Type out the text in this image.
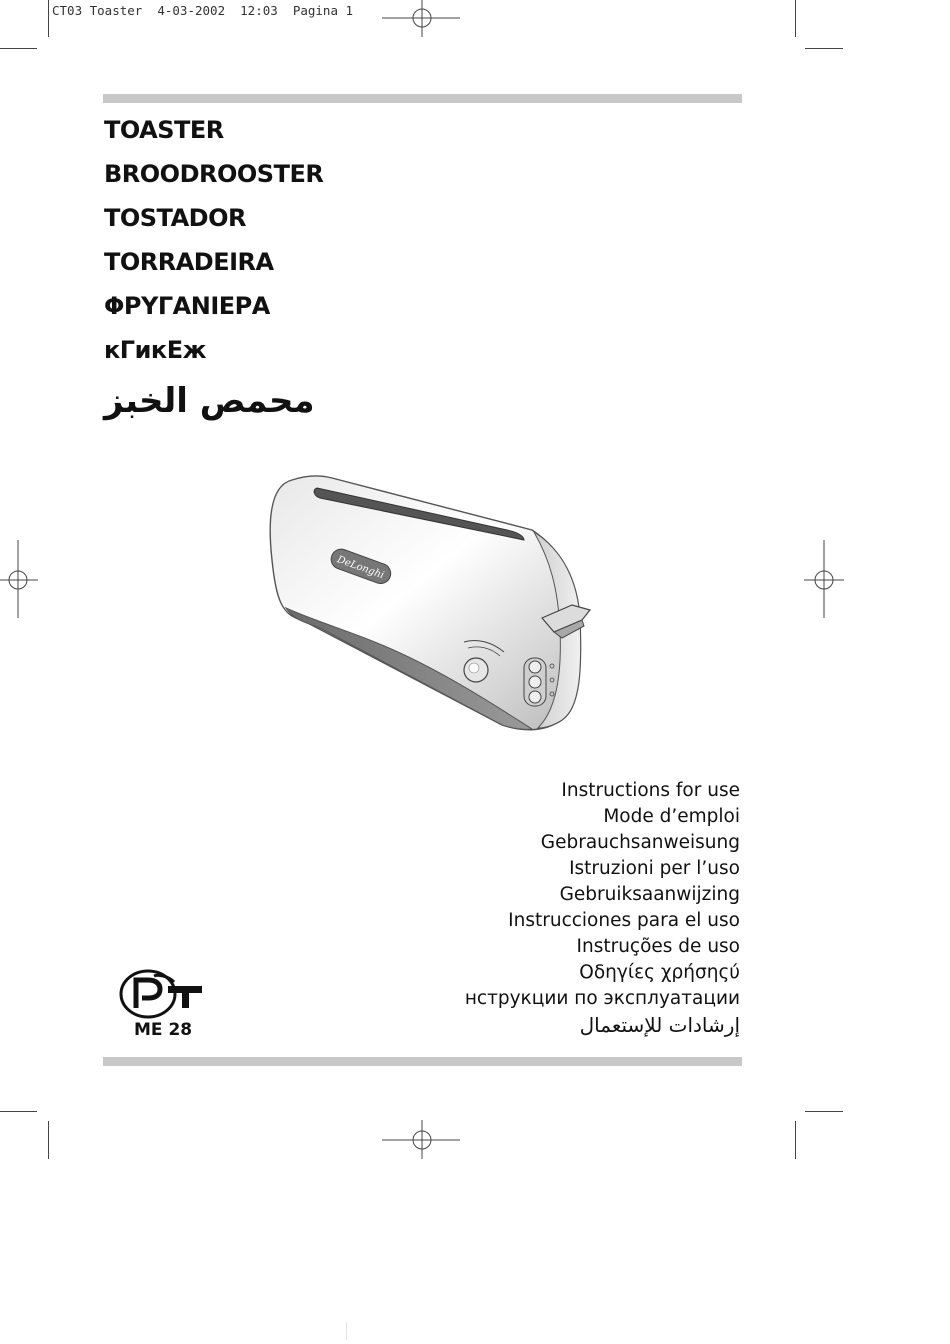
CT03 Toaster  4-03-2002  12:03  Pagina 1
TOASTER
BROODROOSTER
TOSTADOR
TORRADEIRA
ΦΡΥΓΑΝΙΕΡΑ
кГикЕж
محمص الخبز
DeLonghi
Instructions for use
Mode d’emploi
Gebrauchsanweisung
Istruzioni per l’uso
Gebruiksaanwijzing
Instrucciones para el uso
Instruções de uso
Οδηγίες χρήσηςύ
нструкции по эксплуатации
إرشادات للإستعمال
ME 28
